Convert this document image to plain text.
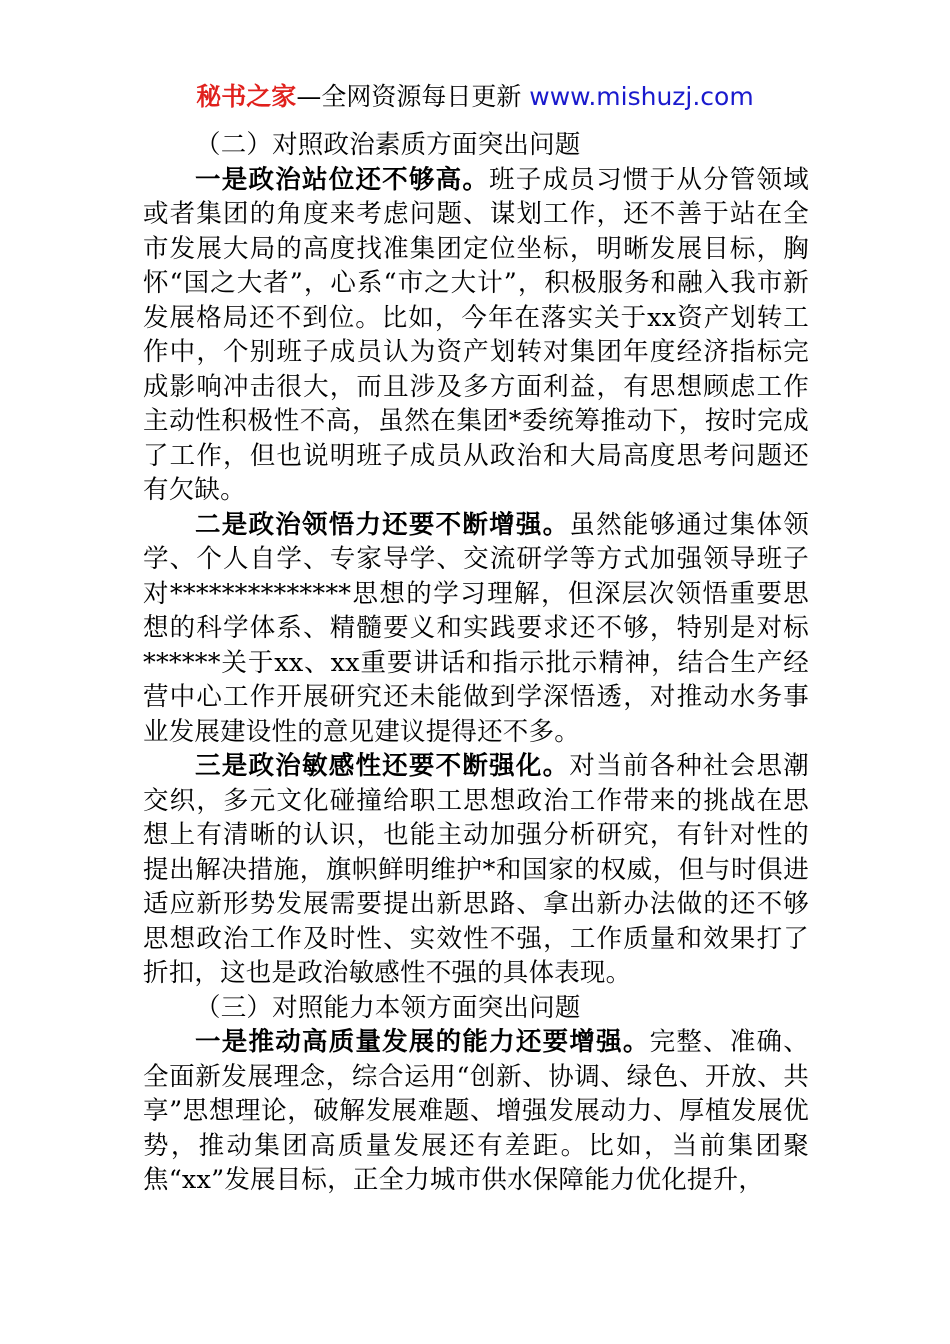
秘书之家—全网资源每日更新 www.mishuzj.com

（二）对照政治素质方面突出问题

一是政治站位还不够高。班子成员习惯于从分管领域或者集团的角度来考虑问题、谋划工作，还不善于站在全市发展大局的高度找准集团定位坐标，明晰发展目标，胸怀“国之大者”，心系“市之大计”，积极服务和融入我市新发展格局还不到位。比如，今年在落实关于xx资产划转工作中，个别班子成员认为资产划转对集团年度经济指标完成影响冲击很大，而且涉及多方面利益，有思想顾虑工作主动性积极性不高，虽然在集团*委统筹推动下，按时完成了工作，但也说明班子成员从政治和大局高度思考问题还有欠缺。

二是政治领悟力还要不断增强。虽然能够通过集体领学、个人自学、专家导学、交流研学等方式加强领导班子对**************思想的学习理解，但深层次领悟重要思想的科学体系、精髓要义和实践要求还不够，特别是对标******关于xx、xx重要讲话和指示批示精神，结合生产经营中心工作开展研究还未能做到学深悟透，对推动水务事业发展建设性的意见建议提得还不多。

三是政治敏感性还要不断强化。对当前各种社会思潮交织，多元文化碰撞给职工思想政治工作带来的挑战在思想上有清晰的认识，也能主动加强分析研究，有针对性的提出解决措施，旗帜鲜明维护*和国家的权威，但与时俱进适应新形势发展需要提出新思路、拿出新办法做的还不够思想政治工作及时性、实效性不强，工作质量和效果打了折扣，这也是政治敏感性不强的具体表现。

（三）对照能力本领方面突出问题

一是推动高质量发展的能力还要增强。完整、准确、全面新发展理念，综合运用“创新、协调、绿色、开放、共享”思想理论，破解发展难题、增强发展动力、厚植发展优势，推动集团高质量发展还有差距。比如，当前集团聚焦“xx”发展目标，正全力城市供水保障能力优化提升，
